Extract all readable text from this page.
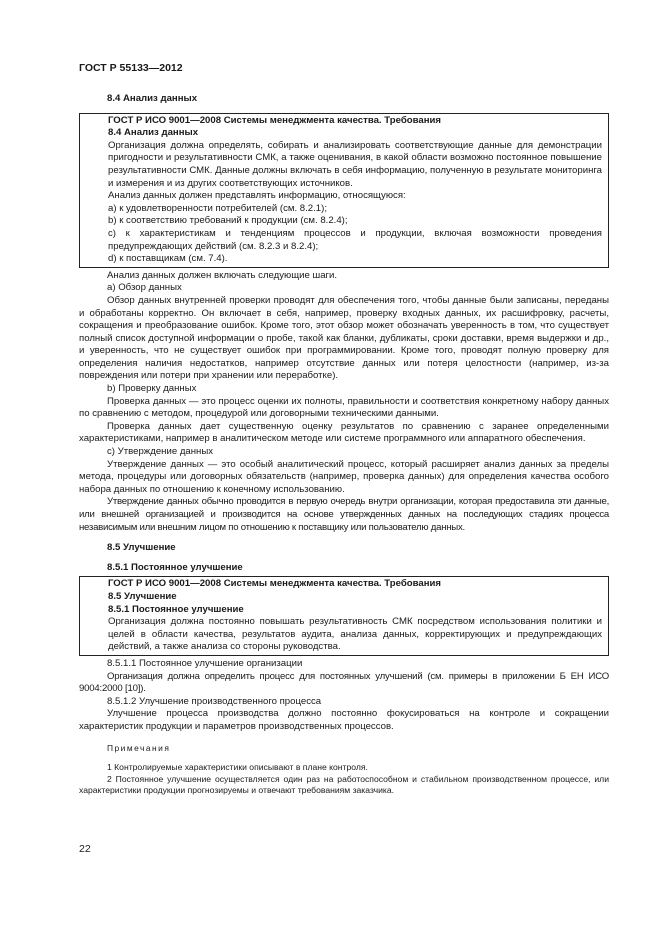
ГОСТ Р 55133—2012

8.4 Анализ данных

ГОСТ Р ИСО 9001—2008 Системы менеджмента качества. Требования

8.4 Анализ данных

Организация должна определять, собирать и анализировать соответствующие данные для демонстрации пригодности и результативности СМК, а также оценивания, в какой области возможно постоянное повышение результативности СМК. Данные должны включать в себя информацию, полученную в результате мониторинга и измерения и из других соответствующих источников.

Анализ данных должен представлять информацию, относящуюся:

а) к удовлетворенности потребителей (см. 8.2.1);

b) к соответствию требований к продукции (см. 8.2.4);

с) к характеристикам и тенденциям процессов и продукции, включая возможности проведения предупреждающих действий (см. 8.2.3 и 8.2.4);

d) к поставщикам (см. 7.4).

Анализ данных должен включать следующие шаги.

а) Обзор данных

Обзор данных внутренней проверки проводят для обеспечения того, чтобы данные были записаны, переданы и обработаны корректно. Он включает в себя, например, проверку входных данных, их расшифровку, расчеты, сокращения и преобразование ошибок. Кроме того, этот обзор может обозначать уверенность в том, что существует полный список доступной информации о пробе, такой как бланки, дубликаты, сроки доставки, время выдержки и др., и уверенность, что не существует ошибок при программировании. Кроме того, проводят полную проверку для определения наличия недостатков, например отсутствие данных или потеря целостности (например, из-за повреждения или потери при хранении или переработке).

b) Проверку данных

Проверка данных — это процесс оценки их полноты, правильности и соответствия конкретному набору данных по сравнению с методом, процедурой или договорными техническими данными.

Проверка данных дает существенную оценку результатов по сравнению с заранее определенными характеристиками, например в аналитическом методе или системе программного или аппаратного обеспечения.

с) Утверждение данных

Утверждение данных — это особый аналитический процесс, который расширяет анализ данных за пределы метода, процедуры или договорных обязательств (например, проверка данных) для определения качества особого набора данных по отношению к конечному использованию.

Утверждение данных обычно проводится в первую очередь внутри организации, которая предоставила эти данные, или внешней организацией и производится на основе утвержденных данных на последующих стадиях процесса независимым или внешним лицом по отношению к поставщику или пользователю данных.

8.5 Улучшение

8.5.1 Постоянное улучшение

ГОСТ Р ИСО 9001—2008 Системы менеджмента качества. Требования

8.5 Улучшение

8.5.1 Постоянное улучшение

Организация должна постоянно повышать результативность СМК посредством использования политики и целей в области качества, результатов аудита, анализа данных, корректирующих и предупреждающих действий, а также анализа со стороны руководства.

8.5.1.1 Постоянное улучшение организации

Организация должна определить процесс для постоянных улучшений (см. примеры в приложении Б ЕН ИСО 9004:2000 [10]).

8.5.1.2 Улучшение производственного процесса

Улучшение процесса производства должно постоянно фокусироваться на контроле и сокращении характеристик продукции и параметров производственных процессов.

Примечания

1 Контролируемые характеристики описывают в плане контроля.

2 Постоянное улучшение осуществляется один раз на работоспособном и стабильном производственном процессе, или характеристики продукции прогнозируемы и отвечают требованиям заказчика.

22
